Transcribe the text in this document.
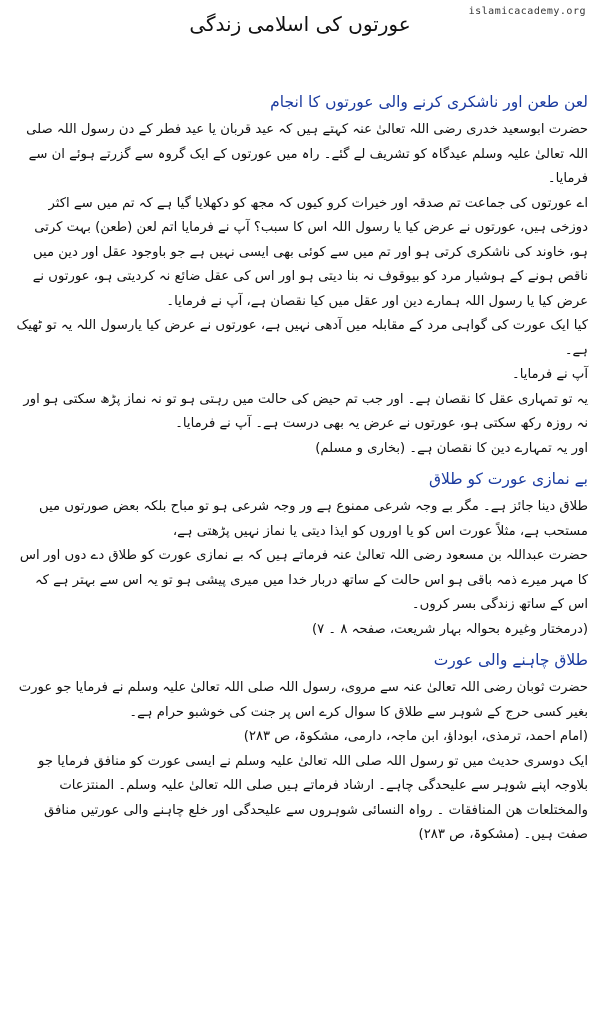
islamicacademy.org
عورتوں کی اسلامی زندگی
لعن طعن اور ناشکری کرنے والی عورتوں کا انجام

حضرت ابوسعید خدری رضی اللہ تعالیٰ عنہ کہتے ہیں کہ عید قربان یا عید فطر کے دن رسول اللہ صلی اللہ تعالیٰ علیہ وسلم عیدگاہ کو تشریف لے گئے۔ راہ میں عورتوں کے ایک گروہ سے گزرتے ہوئے ان سے فرمایا۔

اے عورتوں کی جماعت تم صدقہ اور خیرات کرو کیوں کہ مجھ کو دکھلایا گیا ہے کہ تم میں سے اکثر دوزخی ہیں، عورتوں نے عرض کیا یا رسول اللہ اس کا سبب؟ آپ نے فرمایا اتم لعن (طعن) بہت کرتی ہو، خاوند کی ناشکری کرتی ہو اور تم میں سے کوئی بھی ایسی نہیں ہے جو باوجود عقل اور دین میں ناقص ہونے کے ہوشیار مرد کو بیوقوف نہ بنا دیتی ہو اور اس کی عقل ضائع نہ کردیتی ہو، عورتوں نے عرض کیا یا رسول اللہ ہمارے دین اور عقل میں کیا نقصان ہے، آپ نے فرمایا۔

کیا ایک عورت کی گواہی مرد کے مقابلہ میں آدھی نہیں ہے، عورتوں نے عرض کیا یارسول اللہ یہ تو ٹھیک ہے۔

آپ نے فرمایا۔

یہ تو تمہاری عقل کا نقصان ہے۔ اور جب تم حیض کی حالت میں رہتی ہو تو نہ نماز پڑھ سکتی ہو اور نہ روزہ رکھ سکتی ہو، عورتوں نے عرض یہ بھی درست ہے۔ آپ نے فرمایا۔

اور یہ تمہارے دین کا نقصان ہے۔ (بخاری و مسلم)

بے نمازی عورت کو طلاق

طلاق دینا جائز ہے۔ مگر بے وجہ شرعی ممنوع ہے ور وجہ شرعی ہو تو مباح بلکہ بعض صورتوں میں مستحب ہے، مثلاً عورت اس کو یا اوروں کو ایذا دیتی یا نماز نہیں پڑھتی ہے،

حضرت عبداللہ بن مسعود رضی اللہ تعالیٰ عنہ فرماتے ہیں کہ بے نمازی عورت کو طلاق دے دوں اور اس کا مہر میرے ذمہ باقی ہو اس حالت کے ساتھ دربار خدا میں میری پیشی ہو تو یہ اس سے بہتر ہے کہ اس کے ساتھ زندگی بسر کروں۔

(درمختار وغیرہ بحوالہ بہار شریعت، صفحہ ۸ ۔ ۷)

طلاق چاہنے والی عورت

حضرت ثوبان رضی اللہ تعالیٰ عنہ سے مروی، رسول اللہ صلی اللہ تعالیٰ علیہ وسلم نے فرمایا جو عورت بغیر کسی حرج کے شوہر سے طلاق کا سوال کرے اس پر جنت کی خوشبو حرام ہے۔

(امام احمد، ترمذی، ابوداؤ، ابن ماجہ، دارمی، مشکوۃ، ص ۲۸۳)

ایک دوسری حدیث میں تو رسول اللہ صلی اللہ تعالیٰ علیہ وسلم نے ایسی عورت کو منافق فرمایا جو بلاوجہ اپنے شوہر سے علیحدگی چاہے۔ ارشاد فرماتے ہیں صلی اللہ تعالیٰ علیہ وسلم۔ المنتزعات والمختلعات هن المنافقات ۔ رواہ النسائی شوہروں سے علیحدگی اور خلع چاہنے والی عورتیں منافق صفت ہیں۔ (مشکوۃ، ص ۲۸۳)
